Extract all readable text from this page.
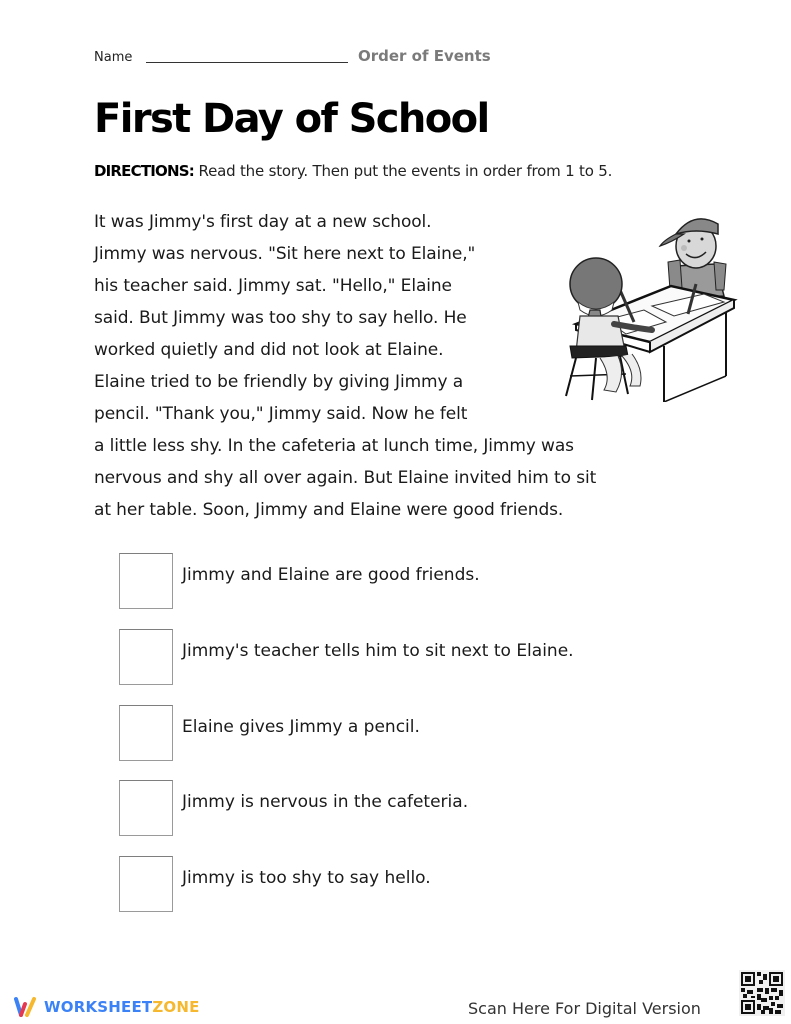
Name	Order of Events
First Day of School
DIRECTIONS: Read the story. Then put the events in order from 1 to 5.
It was Jimmy's first day at a new school.
Jimmy was nervous. "Sit here next to Elaine,"
his teacher said. Jimmy sat. "Hello," Elaine
said. But Jimmy was too shy to say hello. He
worked quietly and did not look at Elaine.
Elaine tried to be friendly by giving Jimmy a
pencil. "Thank you," Jimmy said. Now he felt
a little less shy. In the cafeteria at lunch time, Jimmy was
nervous and shy all over again. But Elaine invited him to sit
at her table. Soon, Jimmy and Elaine were good friends.
Jimmy and Elaine are good friends.
Jimmy's teacher tells him to sit next to Elaine.
Elaine gives Jimmy a pencil.
Jimmy is nervous in the cafeteria.
Jimmy is too shy to say hello.
WORKSHEETZONE	Scan Here For Digital Version
